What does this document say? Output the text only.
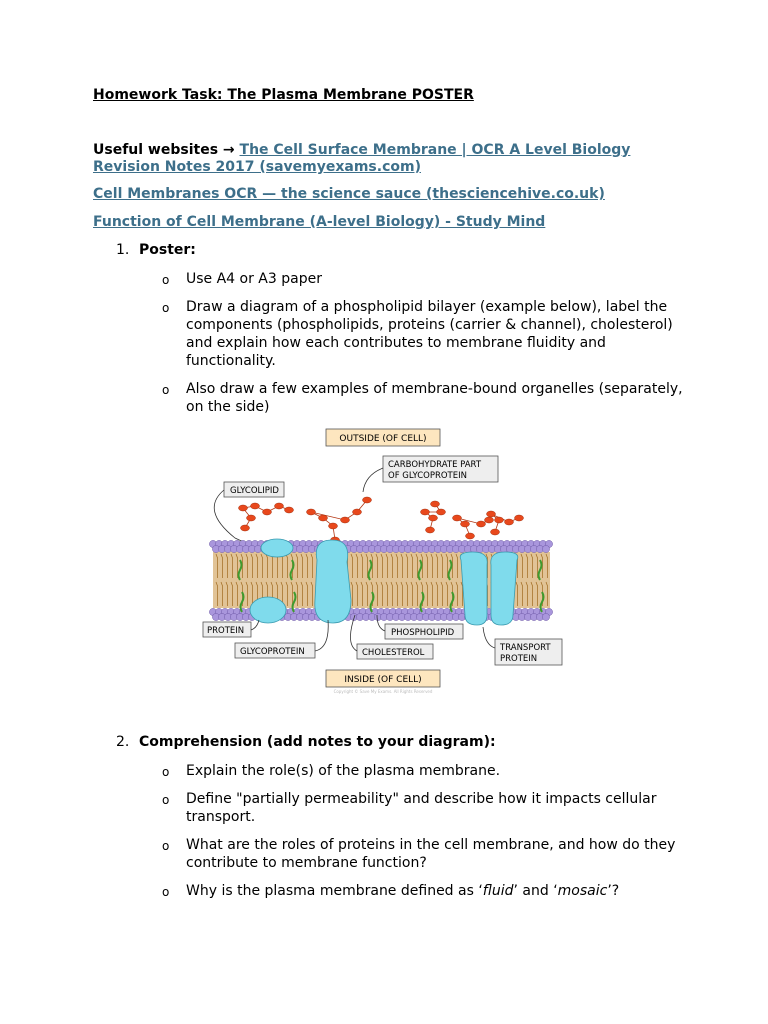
Homework Task: The Plasma Membrane POSTER
Useful websites → The Cell Surface Membrane | OCR A Level Biology Revision Notes 2017 (savemyexams.com)
Cell Membranes OCR — the science sauce (thesciencehive.co.uk)
Function of Cell Membrane (A-level Biology) - Study Mind
1. Poster:
o Use A4 or A3 paper
o Draw a diagram of a phospholipid bilayer (example below), label the components (phospholipids, proteins (carrier & channel), cholesterol) and explain how each contributes to membrane fluidity and functionality.
o Also draw a few examples of membrane-bound organelles (separately, on the side)
OUTSIDE (OF CELL)
CARBOHYDRATE PART
OF GLYCOPROTEIN
GLYCOLIPID
PROTEIN
GLYCOPROTEIN
PHOSPHOLIPID
CHOLESTEROL	TRANSPORT
PROTEIN
INSIDE (OF CELL)
Copyright © Save My Exams. All Rights Reserved
2. Comprehension (add notes to your diagram):
o Explain the role(s) of the plasma membrane.
o Define "partially permeability" and describe how it impacts cellular transport.
o What are the roles of proteins in the cell membrane, and how do they contribute to membrane function?
o Why is the plasma membrane defined as ‘fluid’ and ‘mosaic’?
